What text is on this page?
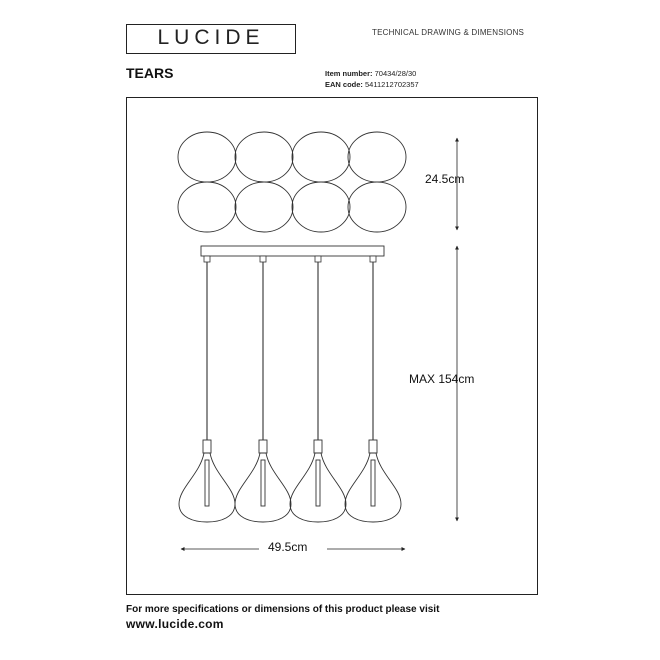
LUCIDE	TECHNICAL DRAWING & DIMENSIONS
TEARS	Item number: 70434/28/30
EAN code: 5411212702357
24.5cm
MAX 154cm
49.5cm
For more specifications or dimensions of this product please visit
www.lucide.com
